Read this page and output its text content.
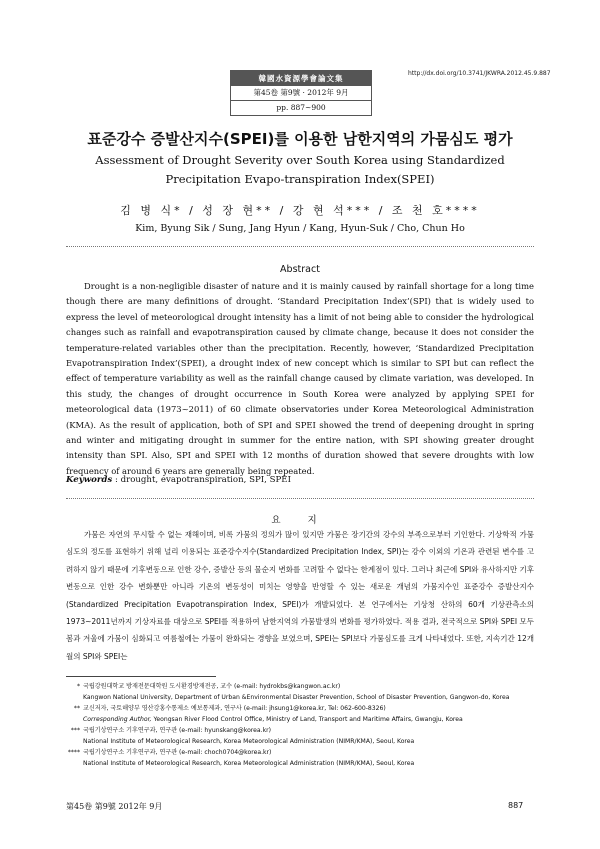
韓國水資源學會論文集
第45卷 第9號 · 2012年 9月
pp. 887~900
http://dx.doi.org/10.3741/JKWRA.2012.45.9.887
표준강수 증발산지수(SPEI)를 이용한 남한지역의 가뭄심도 평가
Assessment of Drought Severity over South Korea using Standardized
Precipitation Evapo-transpiration Index(SPEI)
김 병 식* / 성 장 현** / 강 현 석*** / 조 천 호****
Kim, Byung Sik / Sung, Jang Hyun / Kang, Hyun-Suk / Cho, Chun Ho
Abstract
Drought is a non-negligible disaster of nature and it is mainly caused by rainfall shortage for a long time though there are many definitions of drought. ‘Standard Precipitation Index’(SPI) that is widely used to express the level of meteorological drought intensity has a limit of not being able to consider the hydrological changes such as rainfall and evapotranspiration caused by climate change, because it does not consider the temperature-related variables other than the precipitation. Recently, however, ‘Standardized Precipitation Evapotranspiration Index’(SPEI), a drought index of new concept which is similar to SPI but can reflect the effect of temperature variability as well as the rainfall change caused by climate variation, was developed. In this study, the changes of drought occurrence in South Korea were analyzed by applying SPEI for meteorological data (1973~2011) of 60 climate observatories under Korea Meteorological Administration (KMA). As the result of application, both of SPI and SPEI showed the trend of deepening drought in spring and winter and mitigating drought in summer for the entire nation, with SPI showing greater drought intensity than SPI. Also, SPI and SPEI with 12 months of duration showed that severe droughts with low frequency of around 6 years are generally being repeated.
Keywords : drought, evapotranspiration, SPI, SPEI
요 지
가뭄은 자연의 무시할 수 없는 재해이며, 비록 가뭄의 정의가 많이 있지만 가뭄은 장기간의 강수의 부족으로부터 기인한다. 기상학적 가뭄심도의 정도를 표현하기 위해 널리 이용되는 표준강수지수(Standardized Precipitation Index, SPI)는 강수 이외의 기온과 관련된 변수를 고려하지 않기 때문에 기후변동으로 인한 강수, 증발산 등의 물순지 변화를 고려할 수 없다는 한계점이 있다. 그러나 최근에 SPI와 유사하지만 기후변동으로 인한 강수 변화뿐만 아니라 기온의 변동성이 미치는 영향을 반영할 수 있는 새로운 개념의 가뭄지수인 표준강수 증발산지수(Standardized Precipitation Evapotranspiration Index, SPEI)가 개발되었다. 본 연구에서는 기상청 산하의 60개 기상관측소의 1973~2011년까지 기상자료를 대상으로 SPEI를 적용하여 남한지역의 가뭄발생의 변화를 평가하였다. 적용 결과, 전국적으로 SPI와 SPEI 모두 봄과 겨울에 가뭄이 심화되고 여름철에는 가뭄이 완화되는 경향을 보였으며, SPEI는 SPI보다 가뭄심도를 크게 나타내었다. 또한, 지속기간 12개월의 SPI와 SPEI는
* 국립강원대학교 방재전문대학원 도시환경방재전공, 교수 (e-mail: hydrokbs@kangwon.ac.kr)
Kangwon National University, Department of Urban &Environmental Disaster Prevention, School of Disaster Prevention, Gangwon-do, Korea
** 교신저자, 국토해양부 영산강홍수통제소 예보통제과, 연구사 (e-mail: jhsung1@korea.kr, Tel: 062-600-8326)
Corresponding Author, Yeongsan River Flood Control Office, Ministry of Land, Transport and Maritime Affairs, Gwangju, Korea
*** 국립기상연구소 기후연구과, 연구관 (e-mail: hyunskang@korea.kr)
National Institute of Meteorological Research, Korea Meteorological Administration (NIMR/KMA), Seoul, Korea
**** 국립기상연구소 기후연구과, 연구관 (e-mail: choch0704@korea.kr)
National Institute of Meteorological Research, Korea Meteorological Administration (NIMR/KMA), Seoul, Korea
第45卷 第9號 2012年 9月	887
